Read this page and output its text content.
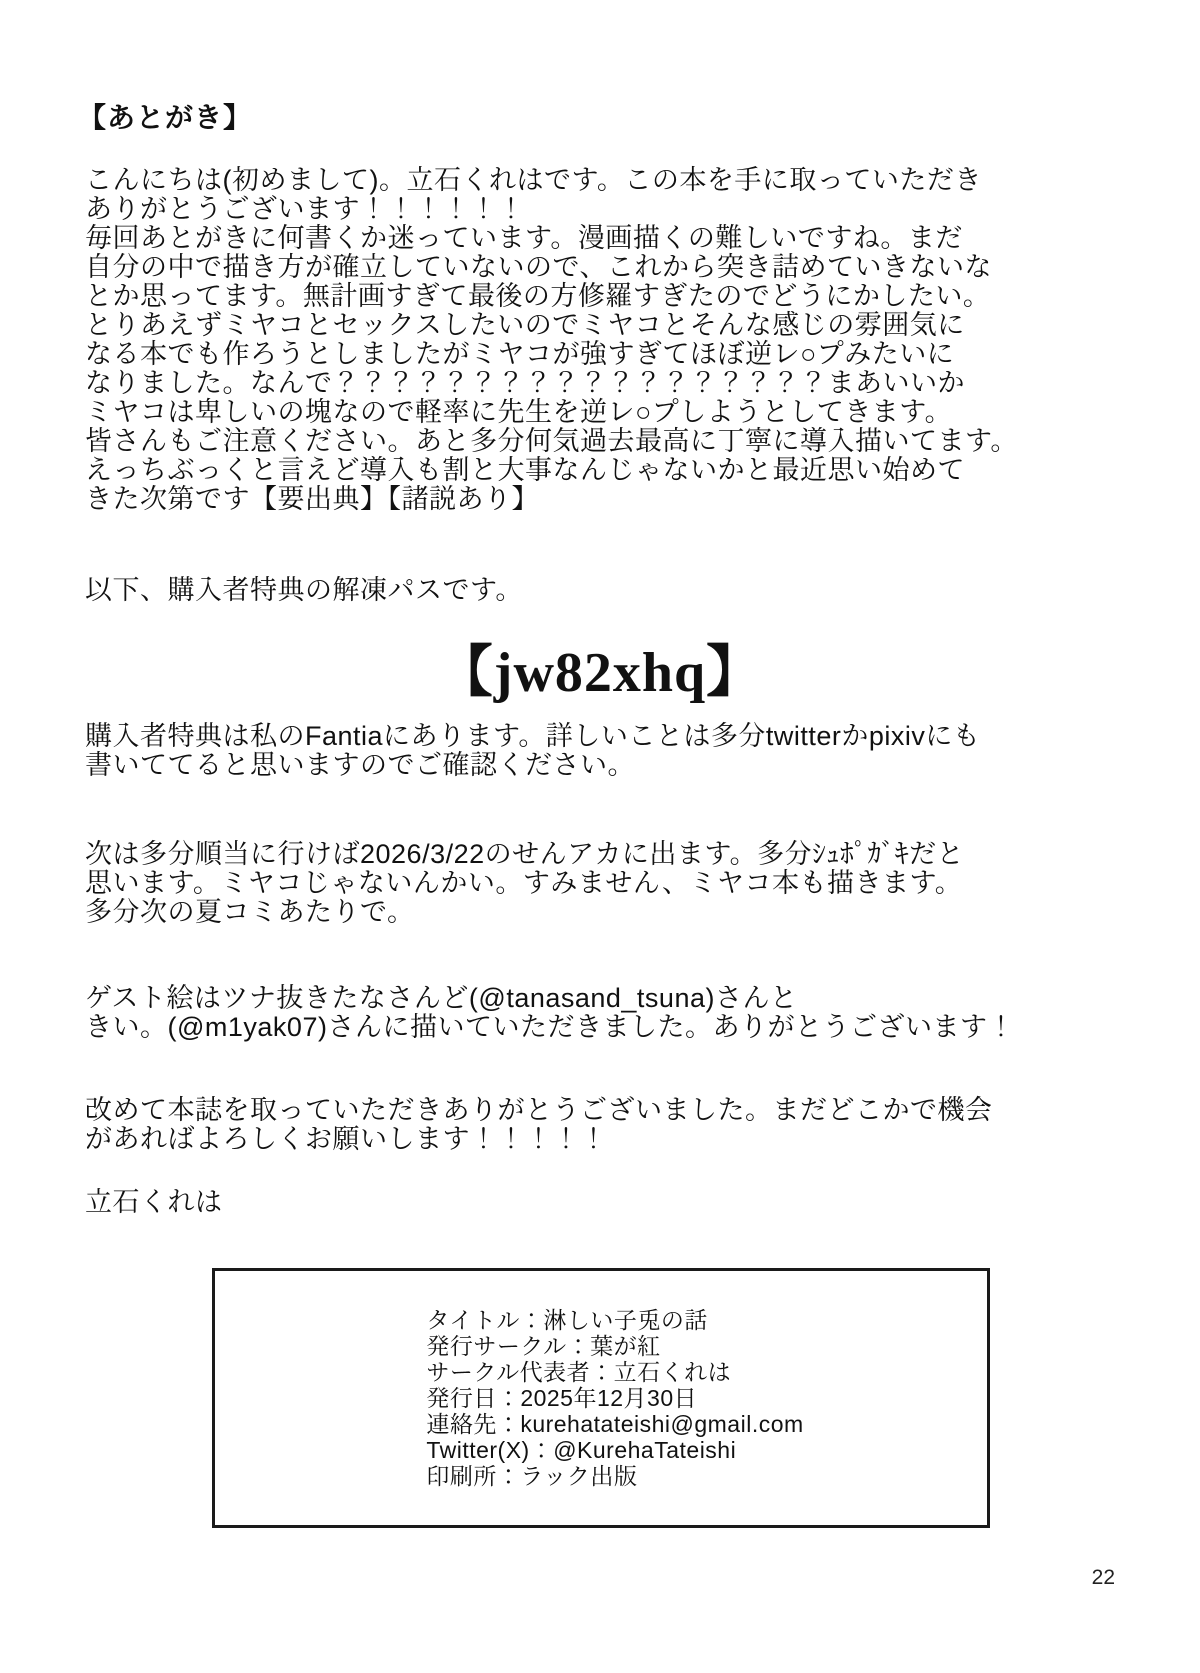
【あとがき】
こんにちは(初めまして)。立石くれはです。この本を手に取っていただき
ありがとうございます！！！！！！
毎回あとがきに何書くか迷っています。漫画描くの難しいですね。まだ
自分の中で描き方が確立していないので、これから突き詰めていきないな
とか思ってます。無計画すぎて最後の方修羅すぎたのでどうにかしたい。
とりあえずミヤコとセックスしたいのでミヤコとそんな感じの雰囲気に
なる本でも作ろうとしましたがミヤコが強すぎてほぼ逆レ○プみたいに
なりました。なんで？？？？？？？？？？？？？？？？？？まあいいか
ミヤコは卑しいの塊なので軽率に先生を逆レ○プしようとしてきます。
皆さんもご注意ください。あと多分何気過去最高に丁寧に導入描いてます。
えっちぶっくと言えど導入も割と大事なんじゃないかと最近思い始めて
きた次第です【要出典】【諸説あり】
以下、購入者特典の解凍パスです。
【jw82xhq】
購入者特典は私のFantiaにあります。詳しいことは多分twitterかpixivにも
書いててると思いますのでご確認ください。
次は多分順当に行けば2026/3/22のせんアカに出ます。多分ｼｭﾎﾟｶﾞｷだと
思います。ミヤコじゃないんかい。すみません、ミヤコ本も描きます。
多分次の夏コミあたりで。
ゲスト絵はツナ抜きたなさんど(@tanasand_tsuna)さんと
きい。(@m1yak07)さんに描いていただきました。ありがとうございます！
改めて本誌を取っていただきありがとうございました。まだどこかで機会
があればよろしくお願いします！！！！！
立石くれは
タイトル：淋しい子兎の話
発行サークル：葉が紅
サークル代表者：立石くれは
発行日：2025年12月30日
連絡先：kurehatateishi@gmail.com
Twitter(X)：@KurehaTateishi
印刷所：ラック出版
22
